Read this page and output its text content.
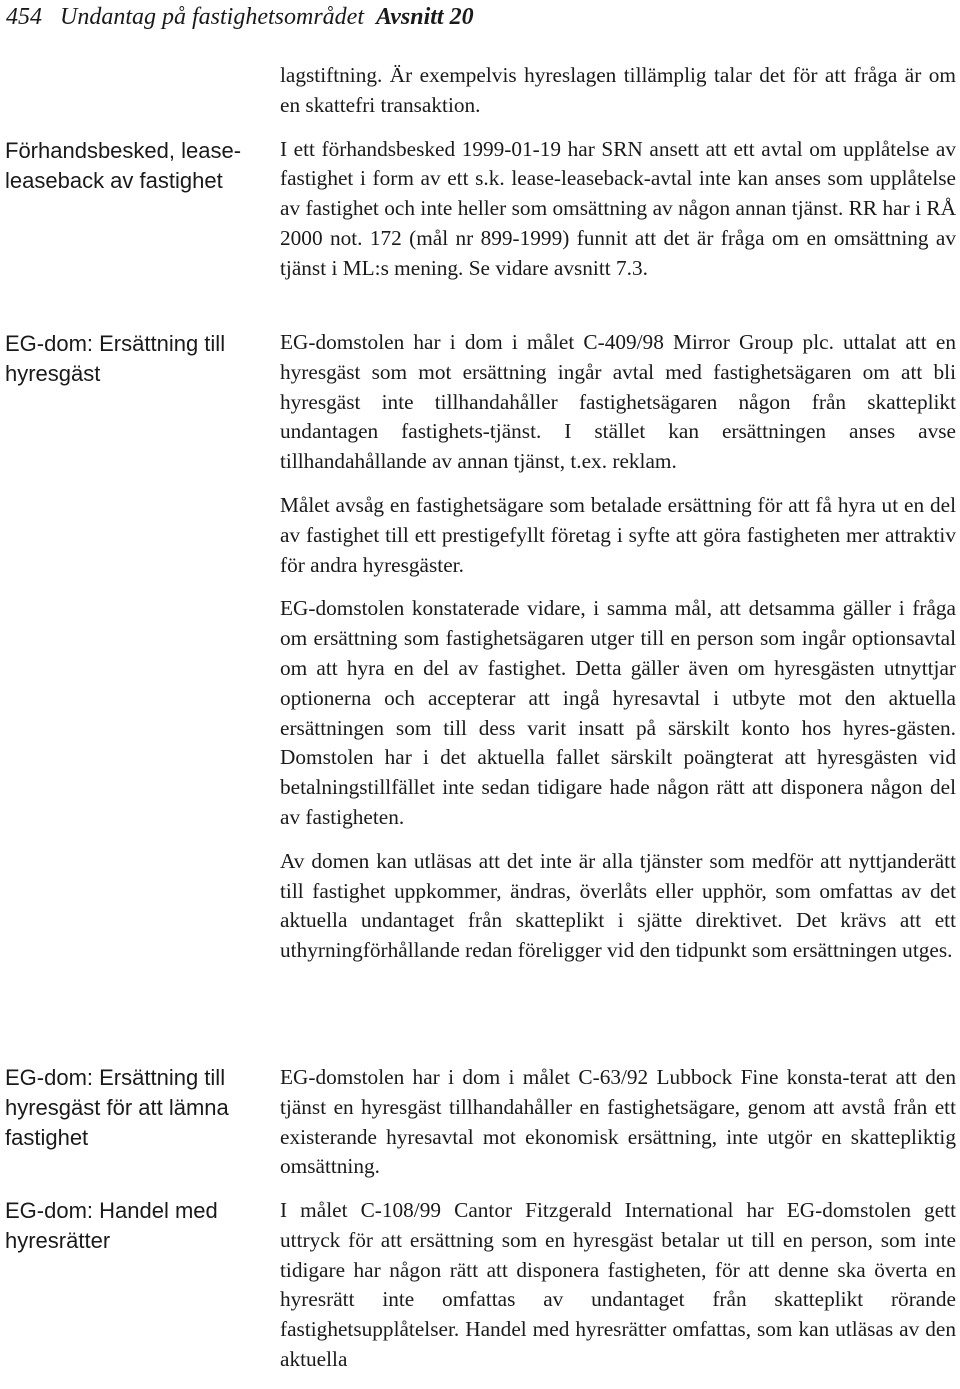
454 Undantag på fastighetsområdet Avsnitt 20
Förhandsbesked, lease-leaseback av fastighet
EG-dom: Ersättning till hyresgäst
EG-dom: Ersättning till hyresgäst för att lämna fastighet
EG-dom: Handel med hyresrätter

lagstiftning. Är exempelvis hyreslagen tillämplig talar det för att fråga är om en skattefri transaktion.

I ett förhandsbesked 1999-01-19 har SRN ansett att ett avtal om upplåtelse av fastighet i form av ett s.k. lease-leaseback-avtal inte kan anses som upplåtelse av fastighet och inte heller som omsättning av någon annan tjänst. RR har i RÅ 2000 not. 172 (mål nr 899-1999) funnit att det är fråga om en omsättning av tjänst i ML:s mening. Se vidare avsnitt 7.3.

EG-domstolen har i dom i målet C-409/98 Mirror Group plc. uttalat att en hyresgäst som mot ersättning ingår avtal med fastighetsägaren om att bli hyresgäst inte tillhandahåller fastighetsägaren någon från skatteplikt undantagen fastighets-tjänst. I stället kan ersättningen anses avse tillhandahållande av annan tjänst, t.ex. reklam.

Målet avsåg en fastighetsägare som betalade ersättning för att få hyra ut en del av fastighet till ett prestigefyllt företag i syfte att göra fastigheten mer attraktiv för andra hyresgäster.

EG-domstolen konstaterade vidare, i samma mål, att detsamma gäller i fråga om ersättning som fastighetsägaren utger till en person som ingår optionsavtal om att hyra en del av fastighet. Detta gäller även om hyresgästen utnyttjar optionerna och accepterar att ingå hyresavtal i utbyte mot den aktuella ersättningen som till dess varit insatt på särskilt konto hos hyres-gästen. Domstolen har i det aktuella fallet särskilt poängterat att hyresgästen vid betalningstillfället inte sedan tidigare hade någon rätt att disponera någon del av fastigheten.

Av domen kan utläsas att det inte är alla tjänster som medför att nyttjanderätt till fastighet uppkommer, ändras, överlåts eller upphör, som omfattas av det aktuella undantaget från skatteplikt i sjätte direktivet. Det krävs att ett uthyrningförhållande redan föreligger vid den tidpunkt som ersättningen utges.

EG-domstolen har i dom i målet C-63/92 Lubbock Fine konsta-terat att den tjänst en hyresgäst tillhandahåller en fastighetsägare, genom att avstå från ett existerande hyresavtal mot ekonomisk ersättning, inte utgör en skattepliktig omsättning.

I målet C-108/99 Cantor Fitzgerald International har EG-domstolen gett uttryck för att ersättning som en hyresgäst betalar ut till en person, som inte tidigare har någon rätt att disponera fastigheten, för att denne ska överta en hyresrätt inte omfattas av undantaget från skatteplikt rörande fastighetsupplåtelser. Handel med hyresrätter omfattas, som kan utläsas av den aktuella
